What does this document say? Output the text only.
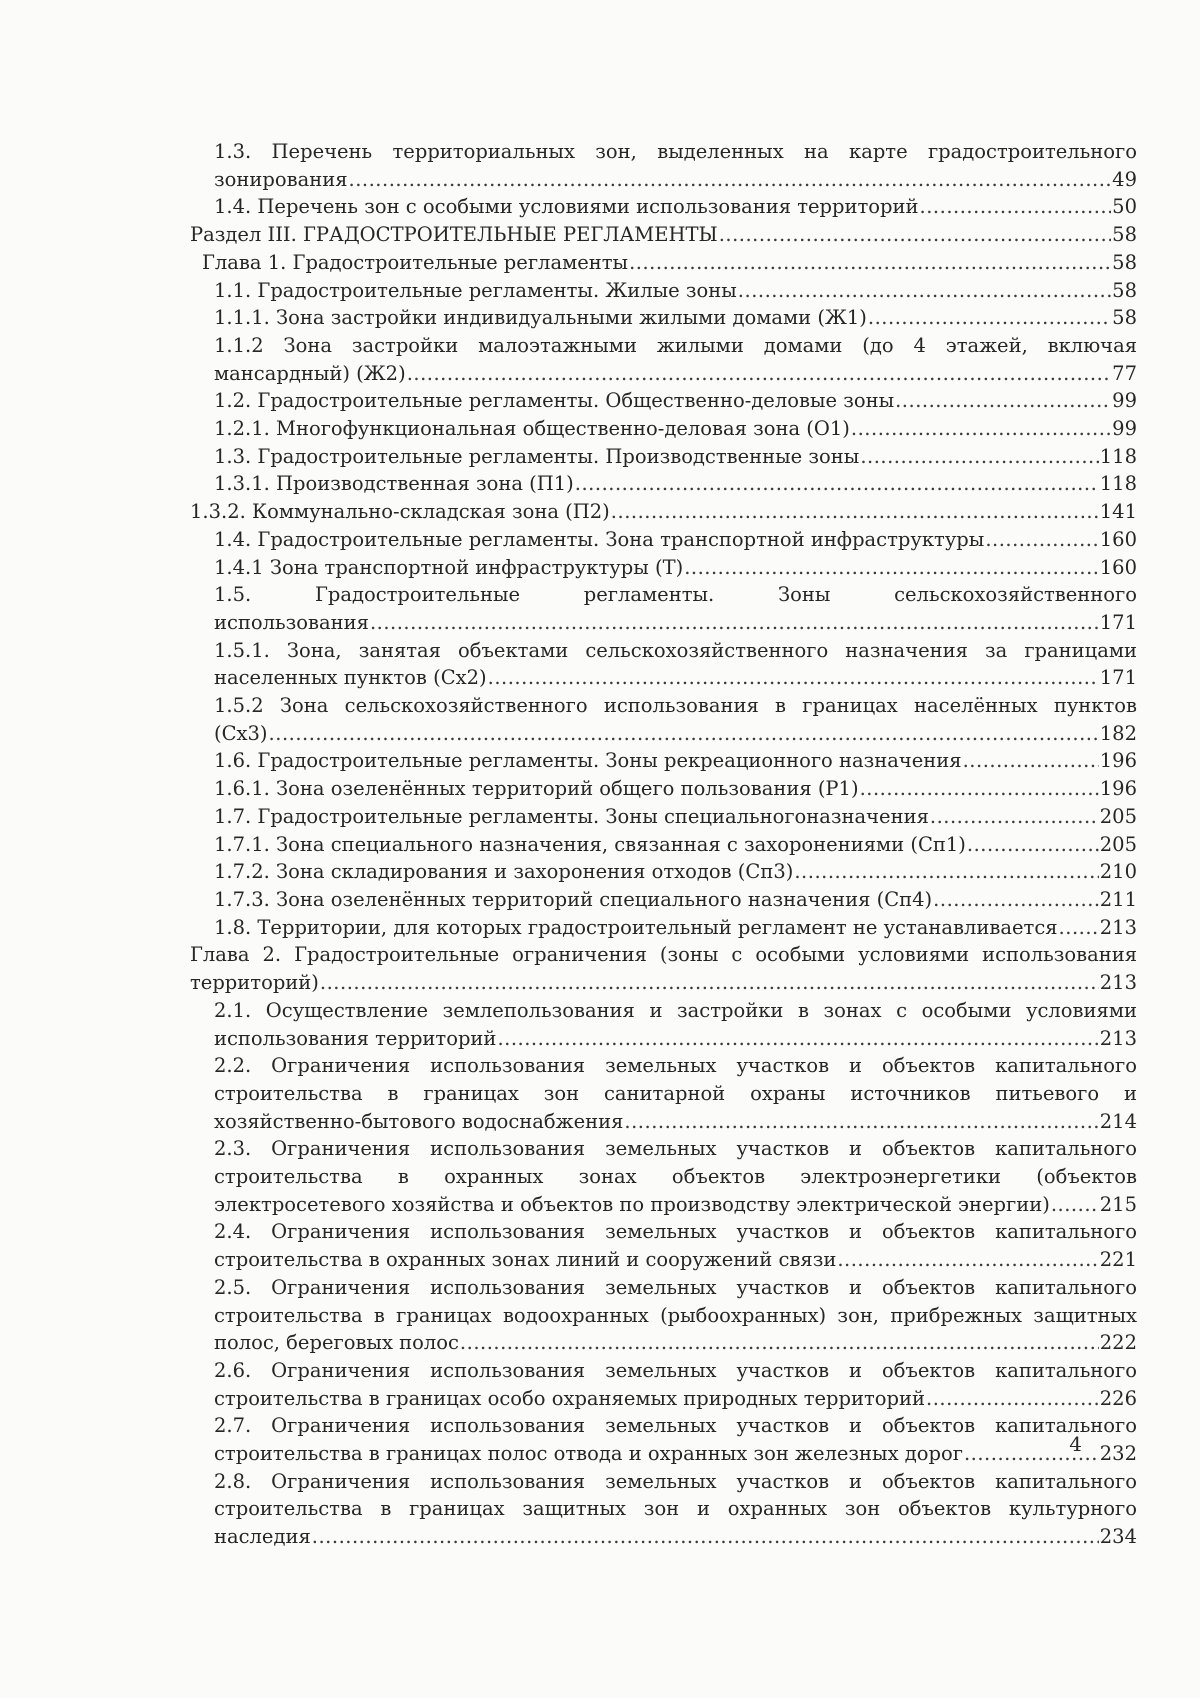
1.3. Перечень территориальных зон, выделенных на карте градостроительного
зонирования .....	49
1.4. Перечень зон с особыми условиями использования территорий .....	50
Раздел III. ГРАДОСТРОИТЕЛЬНЫЕ РЕГЛАМЕНТЫ .....	58
Глава 1. Градостроительные регламенты .....	58
1.1. Градостроительные регламенты. Жилые зоны .....	58
1.1.1. Зона застройки индивидуальными жилыми домами (Ж1) .....	58
1.1.2 Зона застройки малоэтажными жилыми домами (до 4 этажей, включая
мансардный) (Ж2) .....	77
1.2. Градостроительные регламенты. Общественно-деловые зоны .....	99
1.2.1. Многофункциональная общественно-деловая зона (О1) .....	99
1.3. Градостроительные регламенты. Производственные зоны .....	118
1.3.1. Производственная зона (П1) .....	118
1.3.2. Коммунально-складская зона (П2) .....	141
1.4. Градостроительные регламенты. Зона транспортной инфраструктуры .....	160
1.4.1 Зона транспортной инфраструктуры (Т) .....	160
1.5. Градостроительные регламенты. Зоны сельскохозяйственного
использования .....	171
1.5.1. Зона, занятая объектами сельскохозяйственного назначения за границами
населенных пунктов (Сх2) .....	171
1.5.2 Зона сельскохозяйственного использования в границах населённых пунктов
(Сх3) .....	182
1.6. Градостроительные регламенты. Зоны рекреационного назначения .....	196
1.6.1. Зона озеленённых территорий общего пользования (Р1) .....	196
1.7. Градостроительные регламенты. Зоны специальногоназначения .....	205
1.7.1. Зона специального назначения, связанная с захоронениями (Сп1) .....	205
1.7.2. Зона складирования и захоронения отходов (Сп3) .....	210
1.7.3. Зона озеленённых территорий специального назначения (Сп4) .....	211
1.8. Территории, для которых градостроительный регламент не устанавливается ..... 213
Глава 2. Градостроительные ограничения (зоны с особыми условиями использования
территорий) .....	213
2.1. Осуществление землепользования и застройки в зонах с особыми условиями
использования территорий .....	213
2.2. Ограничения использования земельных участков и объектов капитального
строительства в границах зон санитарной охраны источников питьевого и
хозяйственно-бытового водоснабжения .....	214
2.3. Ограничения использования земельных участков и объектов капитального
строительства в охранных зонах объектов электроэнергетики (объектов
электросетевого хозяйства и объектов по производству электрической энергии) .....	215
2.4. Ограничения использования земельных участков и объектов капитального
строительства в охранных зонах линий и сооружений связи .....	221
2.5. Ограничения использования земельных участков и объектов капитального
строительства в границах водоохранных (рыбоохранных) зон, прибрежных защитных
полос, береговых полос .....	222
2.6. Ограничения использования земельных участков и объектов капитального
строительства в границах особо охраняемых природных территорий .....	226
2.7. Ограничения использования земельных участков и объектов капитального
строительства в границах полос отвода и охранных зон железных дорог .....	232
2.8. Ограничения использования земельных участков и объектов капитального
строительства в границах защитных зон и охранных зон объектов культурного
наследия .....	234
4
